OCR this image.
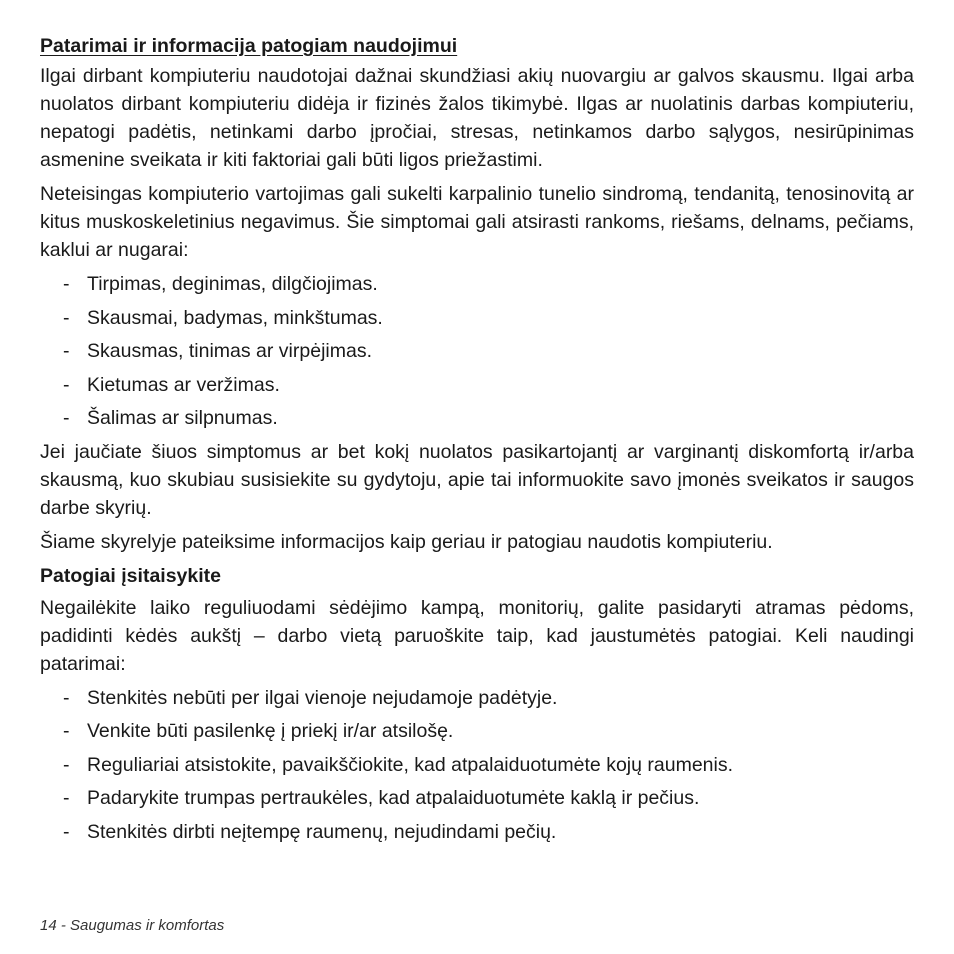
Patarimai ir informacija patogiam naudojimui

Ilgai dirbant kompiuteriu naudotojai dažnai skundžiasi akių nuovargiu ar galvos skausmu. Ilgai arba nuolatos dirbant kompiuteriu didėja ir fizinės žalos tikimybė. Ilgas ar nuolatinis darbas kompiuteriu, nepatogi padėtis, netinkami darbo įpročiai, stresas, netinkamos darbo sąlygos, nesirūpinimas asmenine sveikata ir kiti faktoriai gali būti ligos priežastimi.

Neteisingas kompiuterio vartojimas gali sukelti karpalinio tunelio sindromą, tendanitą, tenosinovitą ar kitus muskoskeletinius negavimus. Šie simptomai gali atsirasti rankoms, riešams, delnams, pečiams, kaklui ar nugarai:

- Tirpimas, deginimas, dilgčiojimas.
- Skausmai, badymas, minkštumas.
- Skausmas, tinimas ar virpėjimas.
- Kietumas ar veržimas.
- Šalimas ar silpnumas.

Jei jaučiate šiuos simptomus ar bet kokį nuolatos pasikartojantį ar varginantį diskomfortą ir/arba skausmą, kuo skubiau susisiekite su gydytoju, apie tai informuokite savo įmonės sveikatos ir saugos darbe skyrių.

Šiame skyrelyje pateiksime informacijos kaip geriau ir patogiau naudotis kompiuteriu.

Patogiai įsitaisykite

Negailėkite laiko reguliuodami sėdėjimo kampą, monitorių, galite pasidaryti atramas pėdoms, padidinti kėdės aukštį – darbo vietą paruoškite taip, kad jaustumėtės patogiai. Keli naudingi patarimai:

- Stenkitės nebūti per ilgai vienoje nejudamoje padėtyje.
- Venkite būti pasilenkę į priekį ir/ar atsilošę.
- Reguliariai atsistokite, pavaikščiokite, kad atpalaiduotumėte kojų raumenis.
- Padarykite trumpas pertraukėles, kad atpalaiduotumėte kaklą ir pečius.
- Stenkitės dirbti neįtempę raumenų, nejudindami pečių.
14 - Saugumas ir komfortas
